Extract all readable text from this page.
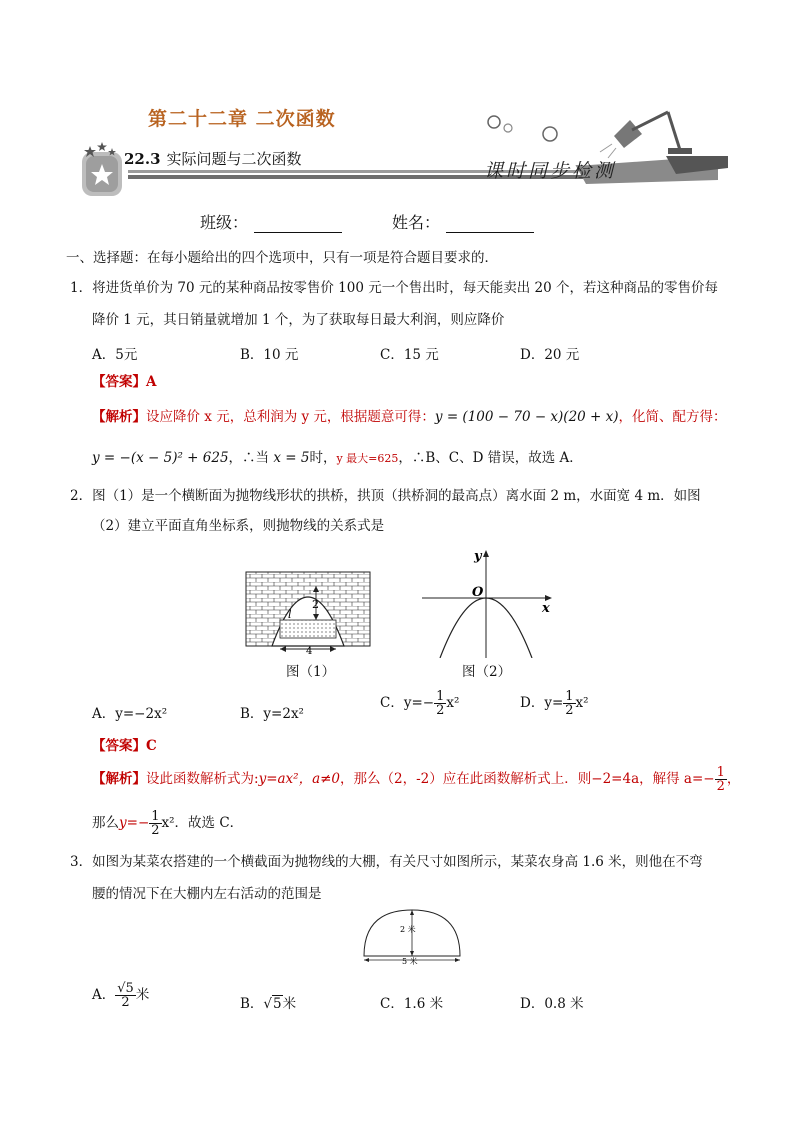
第二十二章 二次函数
22.3 实际问题与二次函数
课时同步检测
班级：	姓名：
一、选择题：在每小题给出的四个选项中，只有一项是符合题目要求的．
1．将进货单价为 70 元的某种商品按零售价 100 元一个售出时，每天能卖出 20 个，若这种商品的零售价每
降价 1 元，其日销量就增加 1 个，为了获取每日最大利润，则应降价
A．5元	B．10 元	C．15 元	D．20 元
【答案】A
【解析】设应降价 x 元，总利润为 y 元，根据题意可得：y = (100 − 70 − x)(20 + x)，化简、配方得：
y = −(x − 5)² + 625，∴当 x = 5时，y 最大=625，∴B、C、D 错误，故选 A．
2．图（1）是一个横断面为抛物线形状的拱桥，拱顶（拱桥洞的最高点）离水面 2 m，水面宽 4 m．如图
（2）建立平面直角坐标系，则抛物线的关系式是
2
l
4
图（1）
y
x
O
图（2）
A．y=−2x²	B．y=2x²
C．$y=- \frac{1}{2} x^2$	D．$y= \frac{1}{2} x^2$
【答案】C
【解析】设此函数解析式为:y=ax²，a≠0，那么（2，-2）应在此函数解析式上．则−2=4a，解得 $a=- \frac{1}{2}$ ，
那么$y=- \frac{1}{2} x^2$．故选 C．
3．如图为某菜农搭建的一个横截面为抛物线的大棚，有关尺寸如图所示，某菜农身高 1.6 米，则他在不弯
腰的情况下在大棚内左右活动的范围是
2 米
5 米
A． $\frac{√5}{2}$ 米
B．√5米	C．1.6 米	D．0.8 米
